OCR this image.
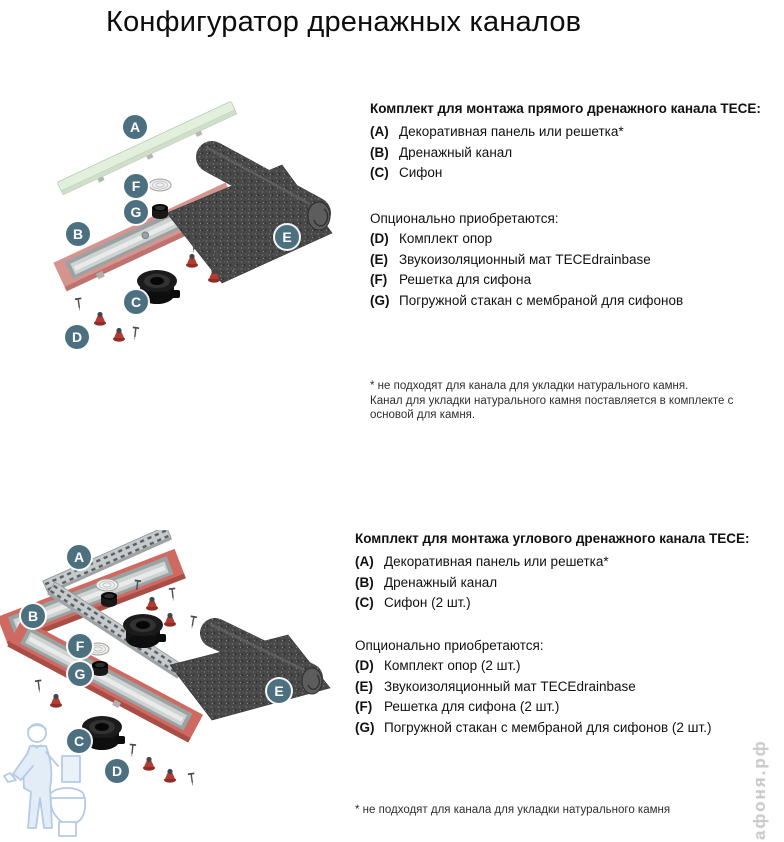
Конфигуратор дренажных каналов
A
B
C
D
E
F
G
Комплект для монтажа прямого дренажного канала TECE:
(A) Декоративная панель или решетка*
(B) Дренажный канал
(C) Сифон
Опционально приобретаются:
(D) Комплект опор
(E) Звукоизоляционный мат TECEdrainbase
(F) Решетка для сифона
(G) Погружной стакан с мембраной для сифонов
* не подходят для канала для укладки натурального камня.
Канал для укладки натурального камня поставляется в комплекте с
основой для камня.
A
B
C
D
E
F
G
Комплект для монтажа углового дренажного канала TECE:
(A) Декоративная панель или решетка*
(B) Дренажный канал
(C) Сифон (2 шт.)
Опционально приобретаются:
(D) Комплект опор (2 шт.)
(E) Звукоизоляционный мат TECEdrainbase
(F) Решетка для сифона (2 шт.)
(G) Погружной стакан с мембраной для сифонов (2 шт.)
* не подходят для канала для укладки натурального камня	афоня.рф
